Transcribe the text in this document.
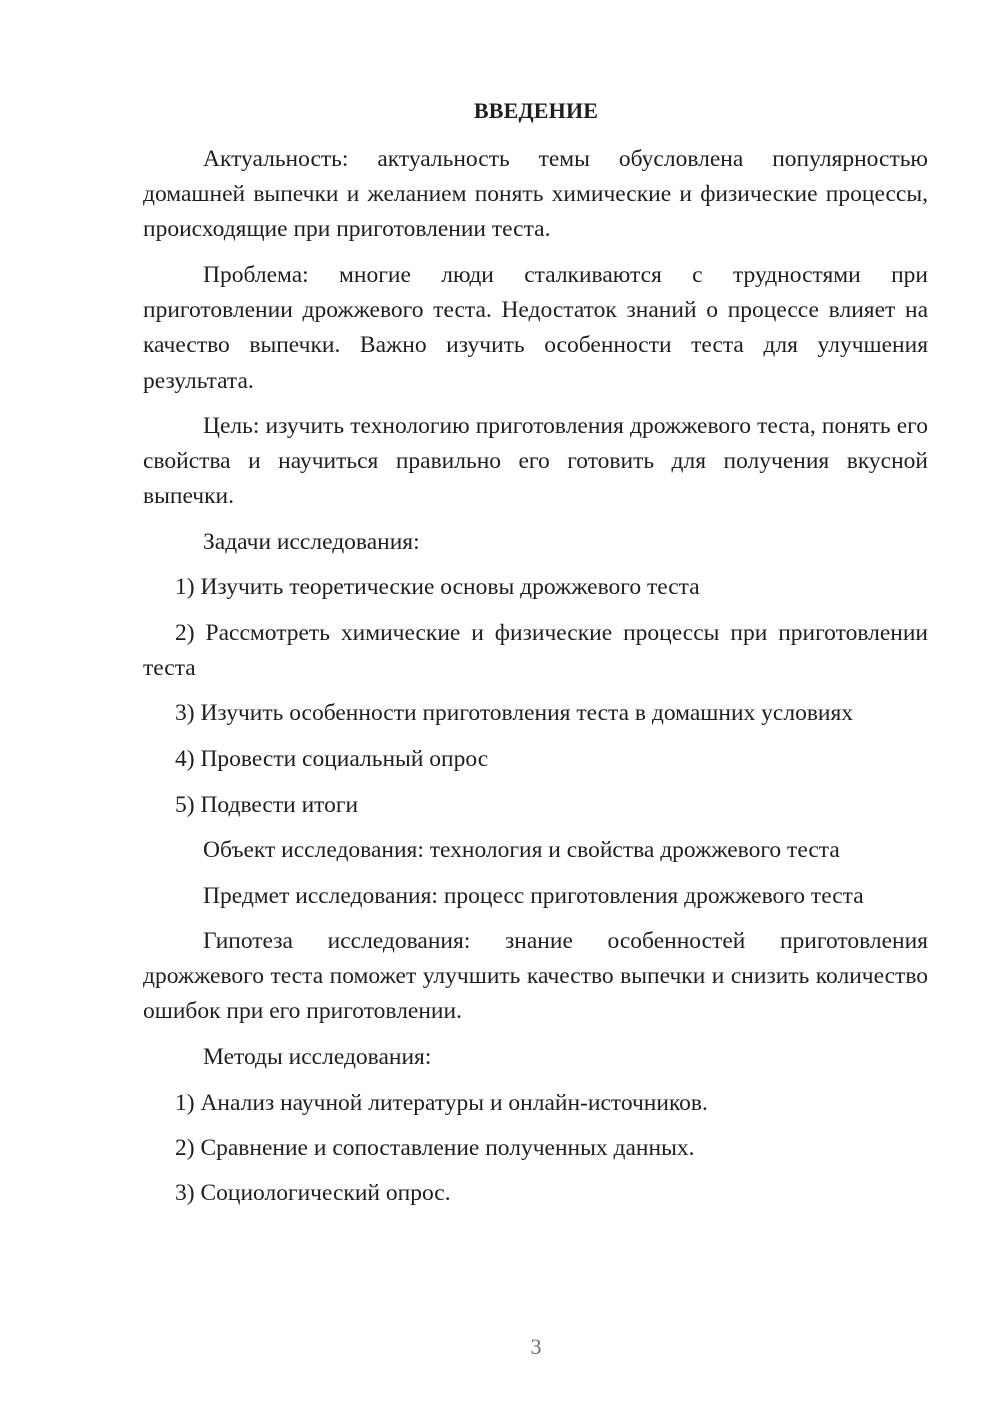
ВВЕДЕНИЕ
Актуальность: актуальность темы обусловлена популярностью домашней выпечки и желанием понять химические и физические процессы, происходящие при приготовлении теста.
Проблема: многие люди сталкиваются с трудностями при приготовлении дрожжевого теста. Недостаток знаний о процессе влияет на качество выпечки. Важно изучить особенности теста для улучшения результата.
Цель: изучить технологию приготовления дрожжевого теста, понять его свойства и научиться правильно его готовить для получения вкусной выпечки.
Задачи исследования:
1) Изучить теоретические основы дрожжевого теста
2) Рассмотреть химические и физические процессы при приготовлении теста
3) Изучить особенности приготовления теста в домашних условиях
4) Провести социальный опрос
5) Подвести итоги
Объект исследования: технология и свойства дрожжевого теста
Предмет исследования: процесс приготовления дрожжевого теста
Гипотеза исследования: знание особенностей приготовления дрожжевого теста поможет улучшить качество выпечки и снизить количество ошибок при его приготовлении.
Методы исследования:
1) Анализ научной литературы и онлайн-источников.
2) Сравнение и сопоставление полученных данных.
3) Социологический опрос.
3
